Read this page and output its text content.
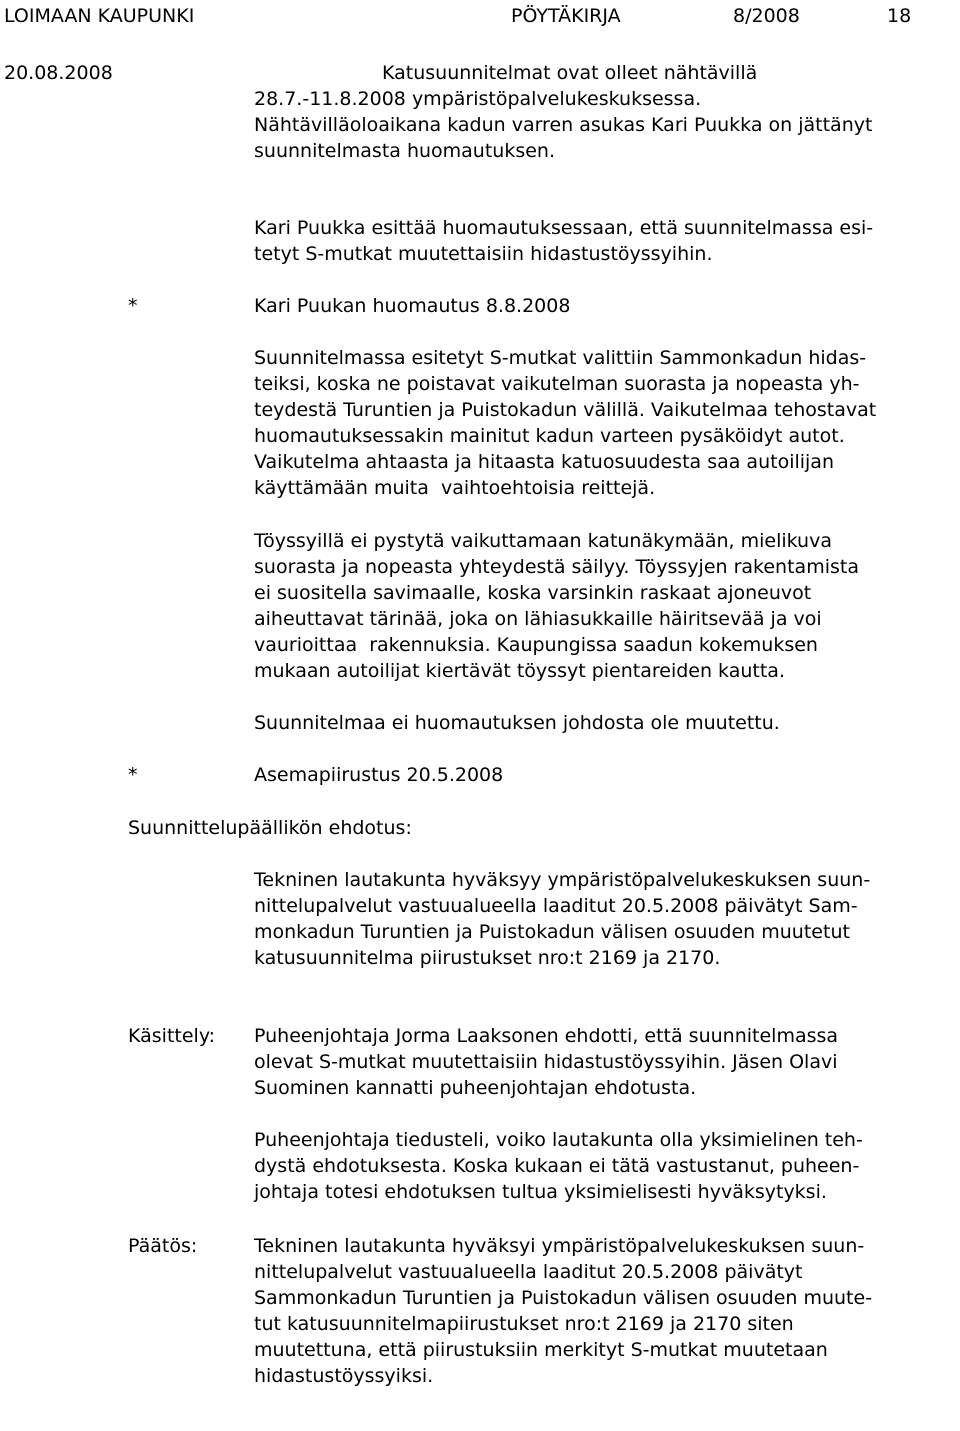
LOIMAAN KAUPUNKI	PÖYTÄKIRJA	8/2008	18
20.08.2008	Katusuunnitelmat ovat olleet nähtävillä
28.7.-11.8.2008 ympäristöpalvelukeskuksessa.
Nähtävilläoloaikana kadun varren asukas Kari Puukka on jättänyt
suunnitelmasta huomautuksen.
Kari Puukka esittää huomautuksessaan, että suunnitelmassa esi-
tetyt S-mutkat muutettaisiin hidastustöyssyihin.
*	Kari Puukan huomautus 8.8.2008
Suunnitelmassa esitetyt S-mutkat valittiin Sammonkadun hidas-
teiksi, koska ne poistavat vaikutelman suorasta ja nopeasta yh-
teydestä Turuntien ja Puistokadun välillä. Vaikutelmaa tehostavat
huomautuksessakin mainitut kadun varteen pysäköidyt autot.
Vaikutelma ahtaasta ja hitaasta katuosuudesta saa autoilijan
käyttämään muita  vaihtoehtoisia reittejä.
Töyssyillä ei pystytä vaikuttamaan katunäkymään, mielikuva
suorasta ja nopeasta yhteydestä säilyy. Töyssyjen rakentamista
ei suositella savimaalle, koska varsinkin raskaat ajoneuvot
aiheuttavat tärinää, joka on lähiasukkaille häiritsevää ja voi
vaurioittaa  rakennuksia. Kaupungissa saadun kokemuksen
mukaan autoilijat kiertävät töyssyt pientareiden kautta.
Suunnitelmaa ei huomautuksen johdosta ole muutettu.
*	Asemapiirustus 20.5.2008
Suunnittelupäällikön ehdotus:
Tekninen lautakunta hyväksyy ympäristöpalvelukeskuksen suun-
nittelupalvelut vastuualueella laaditut 20.5.2008 päivätyt Sam-
monkadun Turuntien ja Puistokadun välisen osuuden muutetut
katusuunnitelma piirustukset nro:t 2169 ja 2170.
Käsittely: Puheenjohtaja Jorma Laaksonen ehdotti, että suunnitelmassa
olevat S-mutkat muutettaisiin hidastustöyssyihin. Jäsen Olavi
Suominen kannatti puheenjohtajan ehdotusta.
Puheenjohtaja tiedusteli, voiko lautakunta olla yksimielinen teh-
dystä ehdotuksesta. Koska kukaan ei tätä vastustanut, puheen-
johtaja totesi ehdotuksen tultua yksimielisesti hyväksytyksi.
Päätös:	Tekninen lautakunta hyväksyi ympäristöpalvelukeskuksen suun-
nittelupalvelut vastuualueella laaditut 20.5.2008 päivätyt
Sammonkadun Turuntien ja Puistokadun välisen osuuden muute-
tut katusuunnitelmapiirustukset nro:t 2169 ja 2170 siten
muutettuna, että piirustuksiin merkityt S-mutkat muutetaan
hidastustöyssyiksi.
